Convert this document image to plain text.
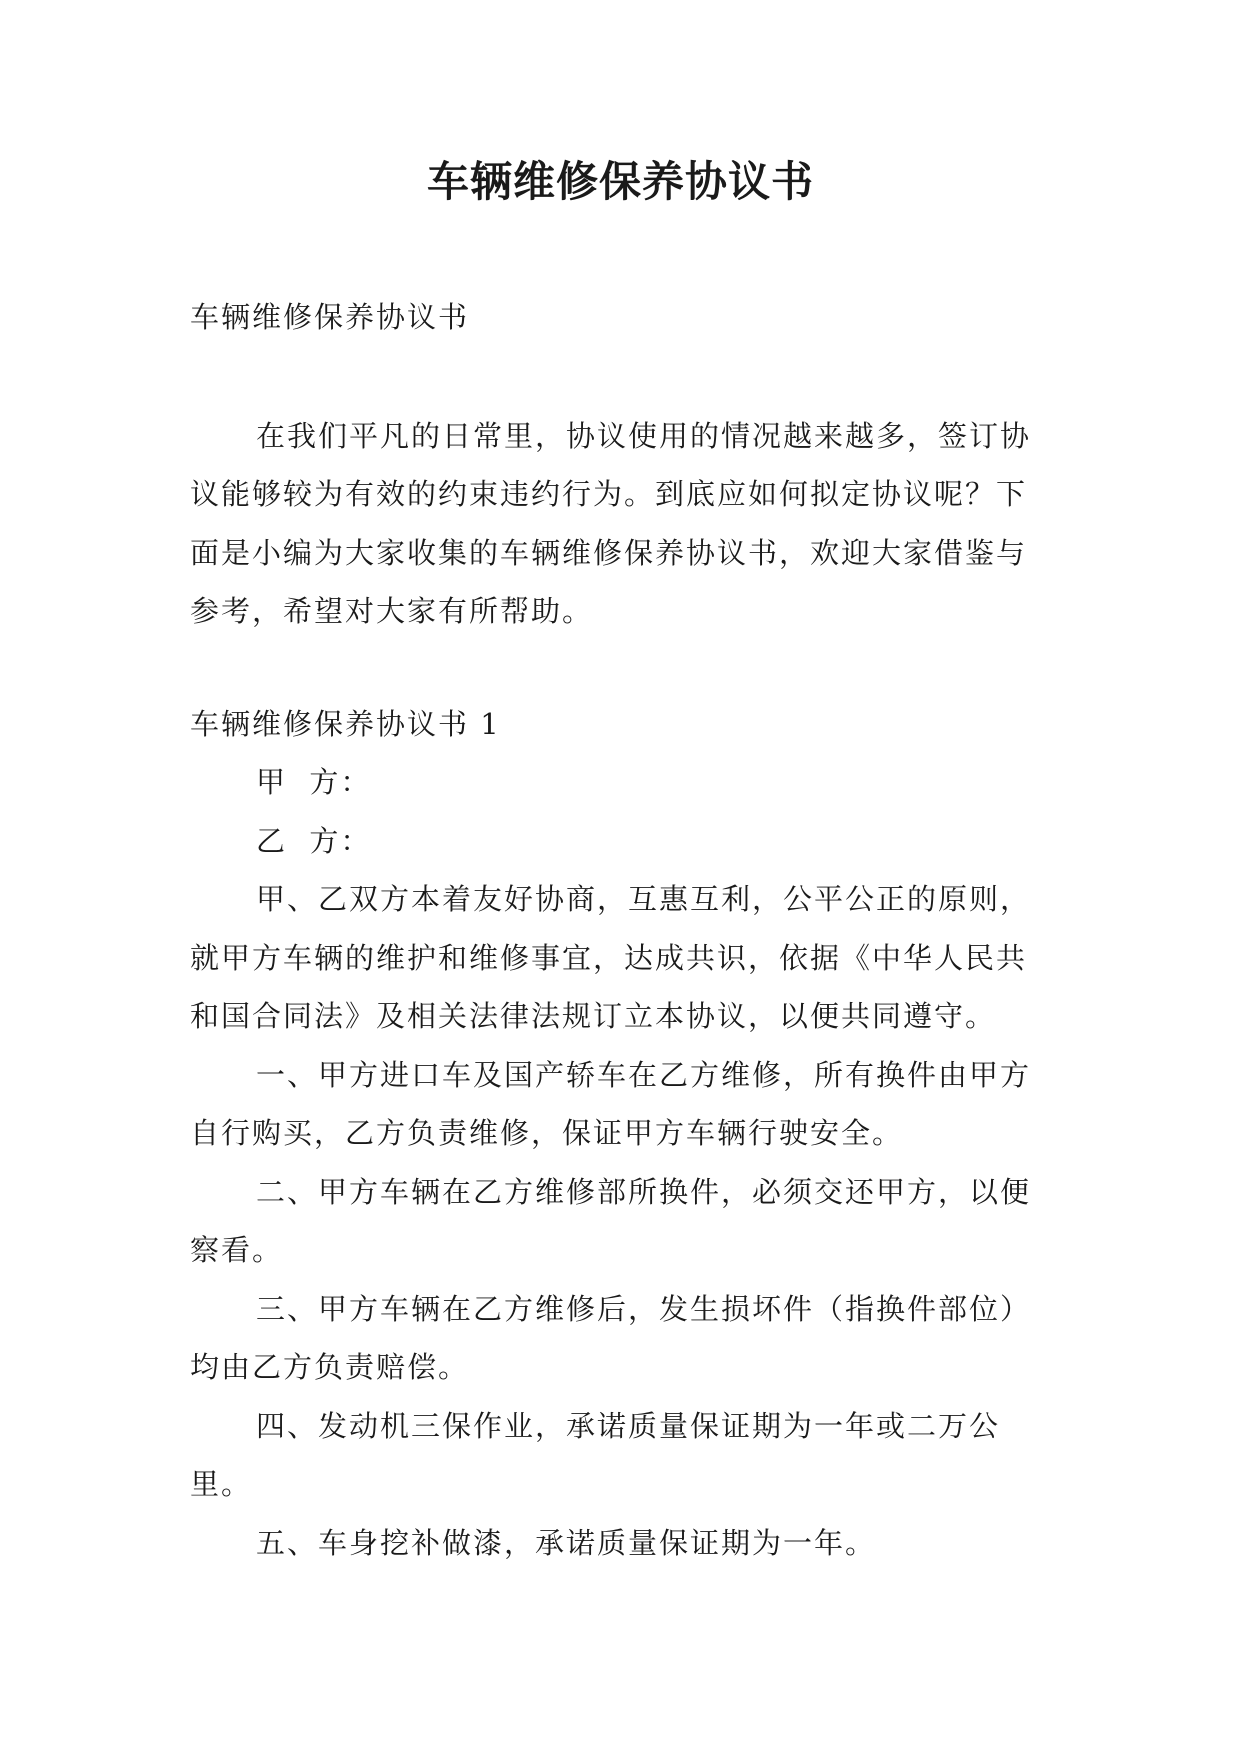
车辆维修保养协议书

车辆维修保养协议书

在我们平凡的日常里，协议使用的情况越来越多，签订协议能够较为有效的约束违约行为。到底应如何拟定协议呢？下面是小编为大家收集的车辆维修保养协议书，欢迎大家借鉴与参考，希望对大家有所帮助。

车辆维修保养协议书 1

甲  方：

乙  方：

甲、乙双方本着友好协商，互惠互利，公平公正的原则，就甲方车辆的维护和维修事宜，达成共识，依据《中华人民共和国合同法》及相关法律法规订立本协议，以便共同遵守。

一、甲方进口车及国产轿车在乙方维修，所有换件由甲方自行购买，乙方负责维修，保证甲方车辆行驶安全。

二、甲方车辆在乙方维修部所换件，必须交还甲方，以便察看。

三、甲方车辆在乙方维修后，发生损坏件（指换件部位）均由乙方负责赔偿。

四、发动机三保作业，承诺质量保证期为一年或二万公里。

五、车身挖补做漆，承诺质量保证期为一年。
